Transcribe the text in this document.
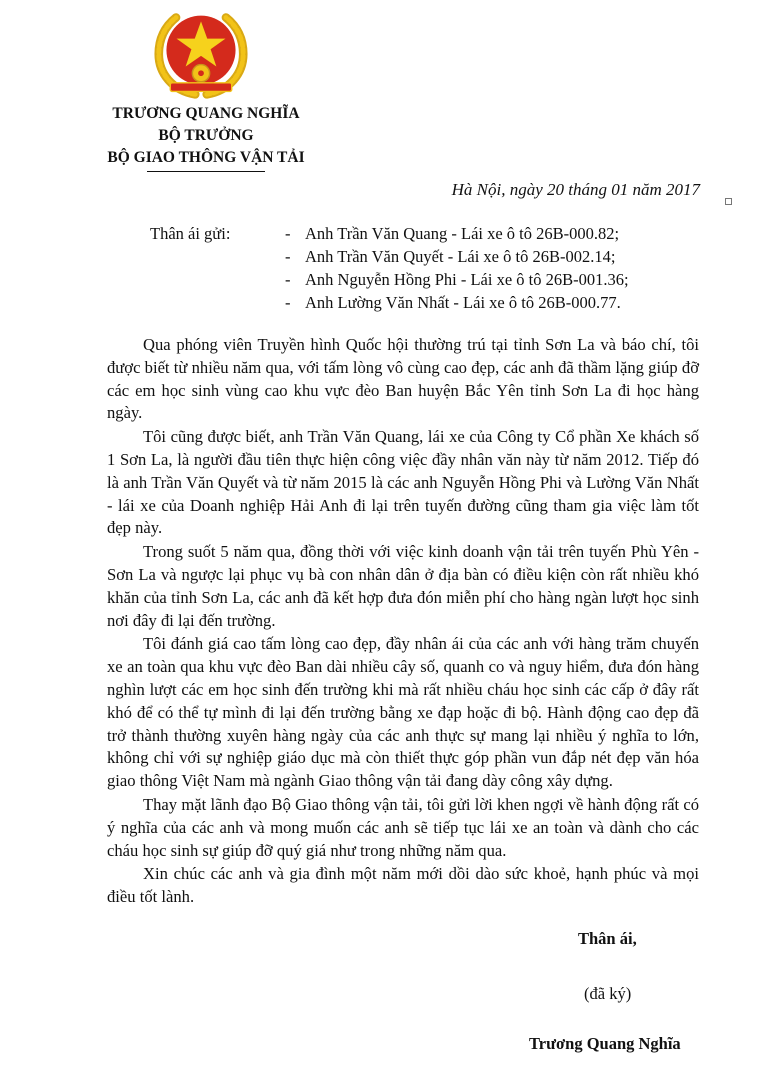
TRƯƠNG QUANG NGHĨA
BỘ TRƯỞNG
BỘ GIAO THÔNG VẬN TẢI
Hà Nội, ngày 20 tháng 01 năm 2017
Thân ái gửi:	- Anh Trần Văn Quang - Lái xe ô tô 26B-000.82;
- Anh Trần Văn Quyết - Lái xe ô tô 26B-002.14;
- Anh Nguyễn Hồng Phi - Lái xe ô tô 26B-001.36;
- Anh Lường Văn Nhất - Lái xe ô tô 26B-000.77.

Qua phóng viên Truyền hình Quốc hội thường trú tại tỉnh Sơn La và báo chí, tôi được biết từ nhiều năm qua, với tấm lòng vô cùng cao đẹp, các anh đã thầm lặng giúp đỡ các em học sinh vùng cao khu vực đèo Ban huyện Bắc Yên tỉnh Sơn La đi học hàng ngày.

Tôi cũng được biết, anh Trần Văn Quang, lái xe của Công ty Cổ phần Xe khách số 1 Sơn La, là người đầu tiên thực hiện công việc đầy nhân văn này từ năm 2012. Tiếp đó là anh Trần Văn Quyết và từ năm 2015 là các anh Nguyễn Hồng Phi và Lường Văn Nhất - lái xe của Doanh nghiệp Hải Anh đi lại trên tuyến đường cũng tham gia việc làm tốt đẹp này.

Trong suốt 5 năm qua, đồng thời với việc kinh doanh vận tải trên tuyến Phù Yên - Sơn La và ngược lại phục vụ bà con nhân dân ở địa bàn có điều kiện còn rất nhiều khó khăn của tỉnh Sơn La, các anh đã kết hợp đưa đón miễn phí cho hàng ngàn lượt học sinh nơi đây đi lại đến trường.

Tôi đánh giá cao tấm lòng cao đẹp, đầy nhân ái của các anh với hàng trăm chuyến xe an toàn qua khu vực đèo Ban dài nhiều cây số, quanh co và nguy hiểm, đưa đón hàng nghìn lượt các em học sinh đến trường khi mà rất nhiều cháu học sinh các cấp ở đây rất khó để có thể tự mình đi lại đến trường bằng xe đạp hoặc đi bộ. Hành động cao đẹp đã trở thành thường xuyên hàng ngày của các anh thực sự mang lại nhiều ý nghĩa to lớn, không chỉ với sự nghiệp giáo dục mà còn thiết thực góp phần vun đắp nét đẹp văn hóa giao thông Việt Nam mà ngành Giao thông vận tải đang dày công xây dựng.

Thay mặt lãnh đạo Bộ Giao thông vận tải, tôi gửi lời khen ngợi về hành động rất có ý nghĩa của các anh và mong muốn các anh sẽ tiếp tục lái xe an toàn và dành cho các cháu học sinh sự giúp đỡ quý giá như trong những năm qua.

Xin chúc các anh và gia đình một năm mới dồi dào sức khoẻ, hạnh phúc và mọi điều tốt lành.

Thân ái,
(đã ký)
Trương Quang Nghĩa
